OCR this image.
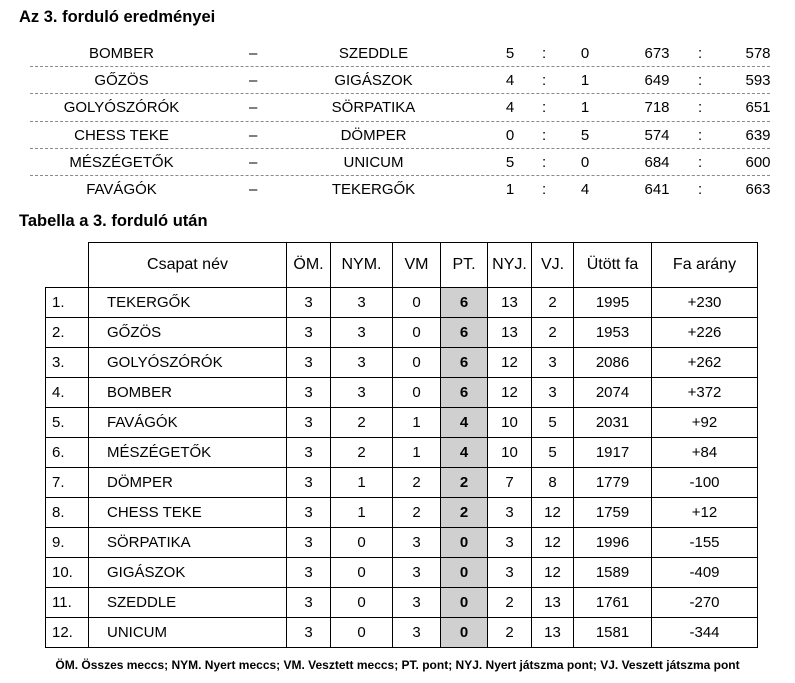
Az 3. forduló eredményei
BOMBER	–	SZEDDLE	5 : 0	673 :	578
GŐZÖS	–	GIGÁSZOK	4 : 1	649 :	593
GOLYÓSZÓRÓK	–	SÖRPATIKA	4 : 1	718 :	651
CHESS TEKE	–	DÖMPER	0 : 5	574 :	639
MÉSZÉGETŐK	–	UNICUM	5 : 0	684 :	600
FAVÁGÓK	–	TEKERGŐK	1 : 4	641 :	663
Tabella a 3. forduló után
	Csapat név	ÖM.	NYM.	VM	PT.	NYJ.	VJ.	Ütött fa	Fa arány
1.	TEKERGŐK	3	3	0	6	13	2	1995	+230
2.	GŐZÖS	3	3	0	6	13	2	1953	+226
3.	GOLYÓSZÓRÓK	3	3	0	6	12	3	2086	+262
4.	BOMBER	3	3	0	6	12	3	2074	+372
5.	FAVÁGÓK	3	2	1	4	10	5	2031	+92
6.	MÉSZÉGETŐK	3	2	1	4	10	5	1917	+84
7.	DÖMPER	3	1	2	2	7	8	1779	-100
8.	CHESS TEKE	3	1	2	2	3	12	1759	+12
9.	SÖRPATIKA	3	0	3	0	3	12	1996	-155
10.	GIGÁSZOK	3	0	3	0	3	12	1589	-409
11.	SZEDDLE	3	0	3	0	2	13	1761	-270
12.	UNICUM	3	0	3	0	2	13	1581	-344
ÖM. Összes meccs; NYM. Nyert meccs; VM. Vesztett meccs; PT. pont; NYJ. Nyert játszma pont; VJ. Veszett játszma pont
